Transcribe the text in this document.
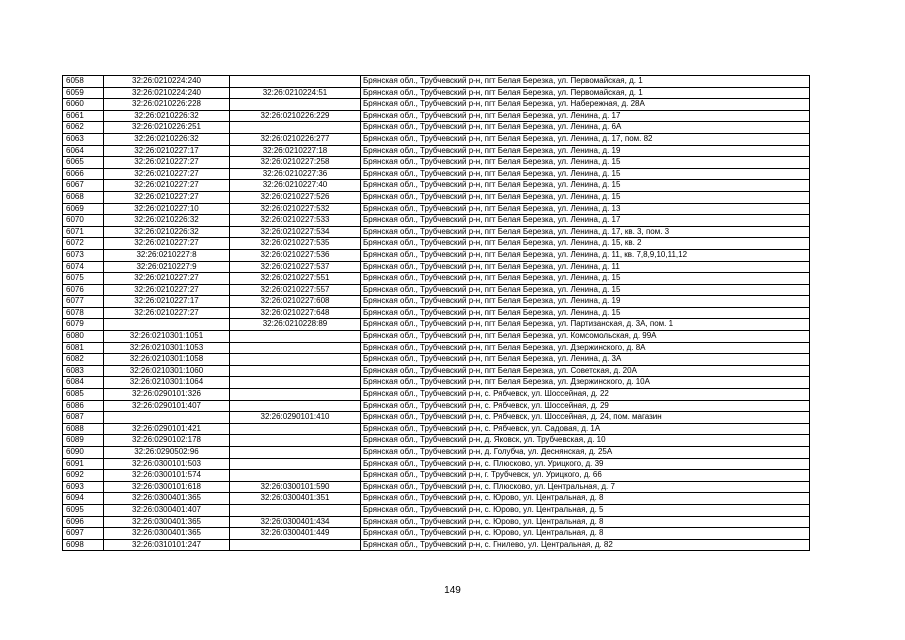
6058	32:26:0210224:240		Брянская обл., Трубчевский р-н, пгт Белая Березка, ул. Первомайская, д. 1
6059	32:26:0210224:240	32:26:0210224:51	Брянская обл., Трубчевский р-н, пгт Белая Березка, ул. Первомайская, д. 1
6060	32:26:0210226:228		Брянская обл., Трубчевский р-н, пгт Белая Березка, ул. Набережная, д. 28А
6061	32:26:0210226:32	32:26:0210226:229	Брянская обл., Трубчевский р-н, пгт Белая Березка, ул. Ленина, д. 17
6062	32:26:0210226:251		Брянская обл., Трубчевский р-н, пгт Белая Березка, ул. Ленина, д. 6А
6063	32:26:0210226:32	32:26:0210226:277	Брянская обл., Трубчевский р-н, пгт Белая Березка, ул. Ленина, д. 17, пом. 82
6064	32:26:0210227:17	32:26:0210227:18	Брянская обл., Трубчевский р-н, пгт Белая Березка, ул. Ленина, д. 19
6065	32:26:0210227:27	32:26:0210227:258	Брянская обл., Трубчевский р-н, пгт Белая Березка, ул. Ленина, д. 15
6066	32:26:0210227:27	32:26:0210227:36	Брянская обл., Трубчевский р-н, пгт Белая Березка, ул. Ленина, д. 15
6067	32:26:0210227:27	32:26:0210227:40	Брянская обл., Трубчевский р-н, пгт Белая Березка, ул. Ленина, д. 15
6068	32:26:0210227:27	32:26:0210227:526	Брянская обл., Трубчевский р-н, пгт Белая Березка, ул. Ленина, д. 15
6069	32:26:0210227:10	32:26:0210227:532	Брянская обл., Трубчевский р-н, пгт Белая Березка, ул. Ленина, д. 13
6070	32:26:0210226:32	32:26:0210227:533	Брянская обл., Трубчевский р-н, пгт Белая Березка, ул. Ленина, д. 17
6071	32:26:0210226:32	32:26:0210227:534	Брянская обл., Трубчевский р-н, пгт Белая Березка, ул. Ленина, д. 17, кв. 3, пом. 3
6072	32:26:0210227:27	32:26:0210227:535	Брянская обл., Трубчевский р-н, пгт Белая Березка, ул. Ленина, д. 15, кв. 2
6073	32:26:0210227:8	32:26:0210227:536	Брянская обл., Трубчевский р-н, пгт Белая Березка, ул. Ленина, д. 11, кв. 7,8,9,10,11,12
6074	32:26:0210227:9	32:26:0210227:537	Брянская обл., Трубчевский р-н, пгт Белая Березка, ул. Ленина, д. 11
6075	32:26:0210227:27	32:26:0210227:551	Брянская обл., Трубчевский р-н, пгт Белая Березка, ул. Ленина, д. 15
6076	32:26:0210227:27	32:26:0210227:557	Брянская обл., Трубчевский р-н, пгт Белая Березка, ул. Ленина, д. 15
6077	32:26:0210227:17	32:26:0210227:608	Брянская обл., Трубчевский р-н, пгт Белая Березка, ул. Ленина, д. 19
6078	32:26:0210227:27	32:26:0210227:648	Брянская обл., Трубчевский р-н, пгт Белая Березка, ул. Ленина, д. 15
6079		32:26:0210228:89	Брянская обл., Трубчевский р-н, пгт Белая Березка, ул. Партизанская, д. 3А, пом. 1
6080	32:26:0210301:1051		Брянская обл., Трубчевский р-н, пгт Белая Березка, ул. Комсомольская, д. 99А
6081	32:26:0210301:1053		Брянская обл., Трубчевский р-н, пгт Белая Березка, ул. Дзержинского, д. 8А
6082	32:26:0210301:1058		Брянская обл., Трубчевский р-н, пгт Белая Березка, ул. Ленина, д. 3А
6083	32:26:0210301:1060		Брянская обл., Трубчевский р-н, пгт Белая Березка, ул. Советская, д. 20А
6084	32:26:0210301:1064		Брянская обл., Трубчевский р-н, пгт Белая Березка, ул. Дзержинского, д. 10А
6085	32:26:0290101:326		Брянская обл., Трубчевский р-н, с. Рябчевск, ул. Шоссейная, д. 22
6086	32:26:0290101:407		Брянская обл., Трубчевский р-н, с. Рябчевск, ул. Шоссейная, д. 29
6087		32:26:0290101:410	Брянская обл., Трубчевский р-н, с. Рябчевск, ул. Шоссейная, д. 24, пом. магазин
6088	32:26:0290101:421		Брянская обл., Трубчевский р-н, с. Рябчевск, ул. Садовая, д. 1А
6089	32:26:0290102:178		Брянская обл., Трубчевский р-н, д. Яковск, ул. Трубчевская, д. 10
6090	32:26:0290502:96		Брянская обл., Трубчевский р-н, д. Голубча, ул. Деснянская, д. 25А
6091	32:26:0300101:503		Брянская обл., Трубчевский р-н, с. Плюсково, ул. Урицкого, д. 39
6092	32:26:0300101:574		Брянская обл., Трубчевский р-н, г. Трубчевск, ул. Урицкого, д. 66
6093	32:26:0300101:618	32:26:0300101:590	Брянская обл., Трубчевский р-н, с. Плюсково, ул. Центральная, д. 7
6094	32:26:0300401:365	32:26:0300401:351	Брянская обл., Трубчевский р-н, с. Юрово, ул. Центральная, д. 8
6095	32:26:0300401:407		Брянская обл., Трубчевский р-н, с. Юрово, ул. Центральная, д. 5
6096	32:26:0300401:365	32:26:0300401:434	Брянская обл., Трубчевский р-н, с. Юрово, ул. Центральная, д. 8
6097	32:26:0300401:365	32:26:0300401:449	Брянская обл., Трубчевский р-н, с. Юрово, ул. Центральная, д. 8
6098	32:26:0310101:247		Брянская обл., Трубчевский р-н, с. Гнилево, ул. Центральная, д. 82
149
